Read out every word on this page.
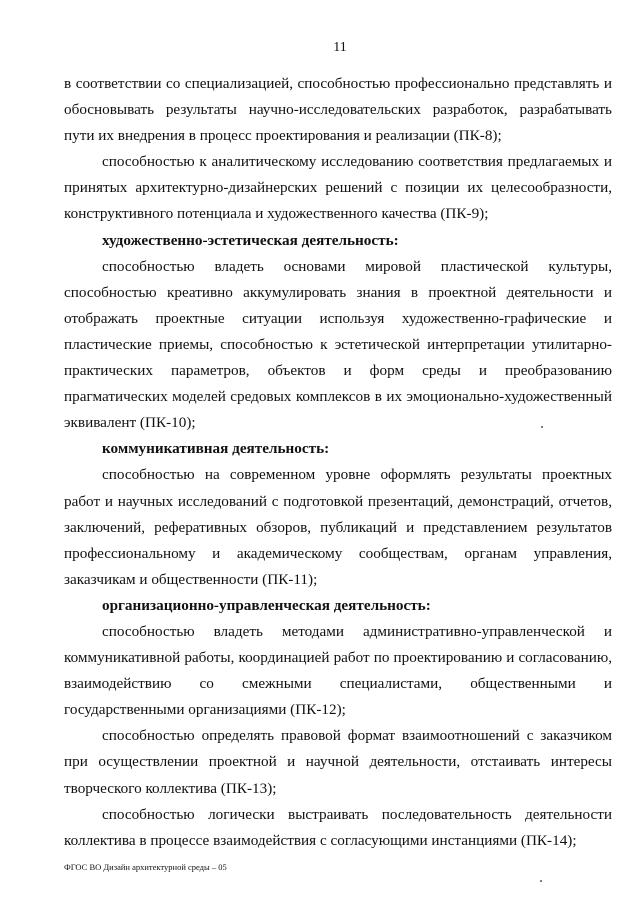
11

в соответствии со специализацией, способностью профессионально представлять и обосновывать результаты научно-исследовательских разработок, разрабатывать пути их внедрения в процесс проектирования и реализации (ПК-8);

способностью к аналитическому исследованию соответствия предлагаемых и принятых архитектурно-дизайнерских решений с позиции их целесообразности, конструктивного потенциала и художественного качества (ПК-9);

художественно-эстетическая деятельность:

способностью владеть основами мировой пластической культуры, способностью креативно аккумулировать знания в проектной деятельности и отображать проектные ситуации используя художественно-графические и пластические приемы, способностью к эстетической интерпретации утилитарно-практических параметров, объектов и форм среды и преобразованию прагматических моделей средовых комплексов в их эмоционально-художественный эквивалент (ПК-10);

коммуникативная деятельность:

способностью на современном уровне оформлять результаты проектных работ и научных исследований с подготовкой презентаций, демонстраций, отчетов, заключений, реферативных обзоров, публикаций и представлением результатов профессиональному и академическому сообществам, органам управления, заказчикам и общественности (ПК-11);

организационно-управленческая деятельность:

способностью владеть методами административно-управленческой и коммуникативной работы, координацией работ по проектированию и согласованию, взаимодействию со смежными специалистами, общественными и государственными организациями (ПК-12);

способностью определять правовой формат взаимоотношений с заказчиком при осуществлении проектной и научной деятельности, отстаивать интересы творческого коллектива (ПК-13);

способностью логически выстраивать последовательность деятельности коллектива в процессе взаимодействия с согласующими инстанциями (ПК-14);

ФГОС ВО Дизайн архитектурной среды – 05
